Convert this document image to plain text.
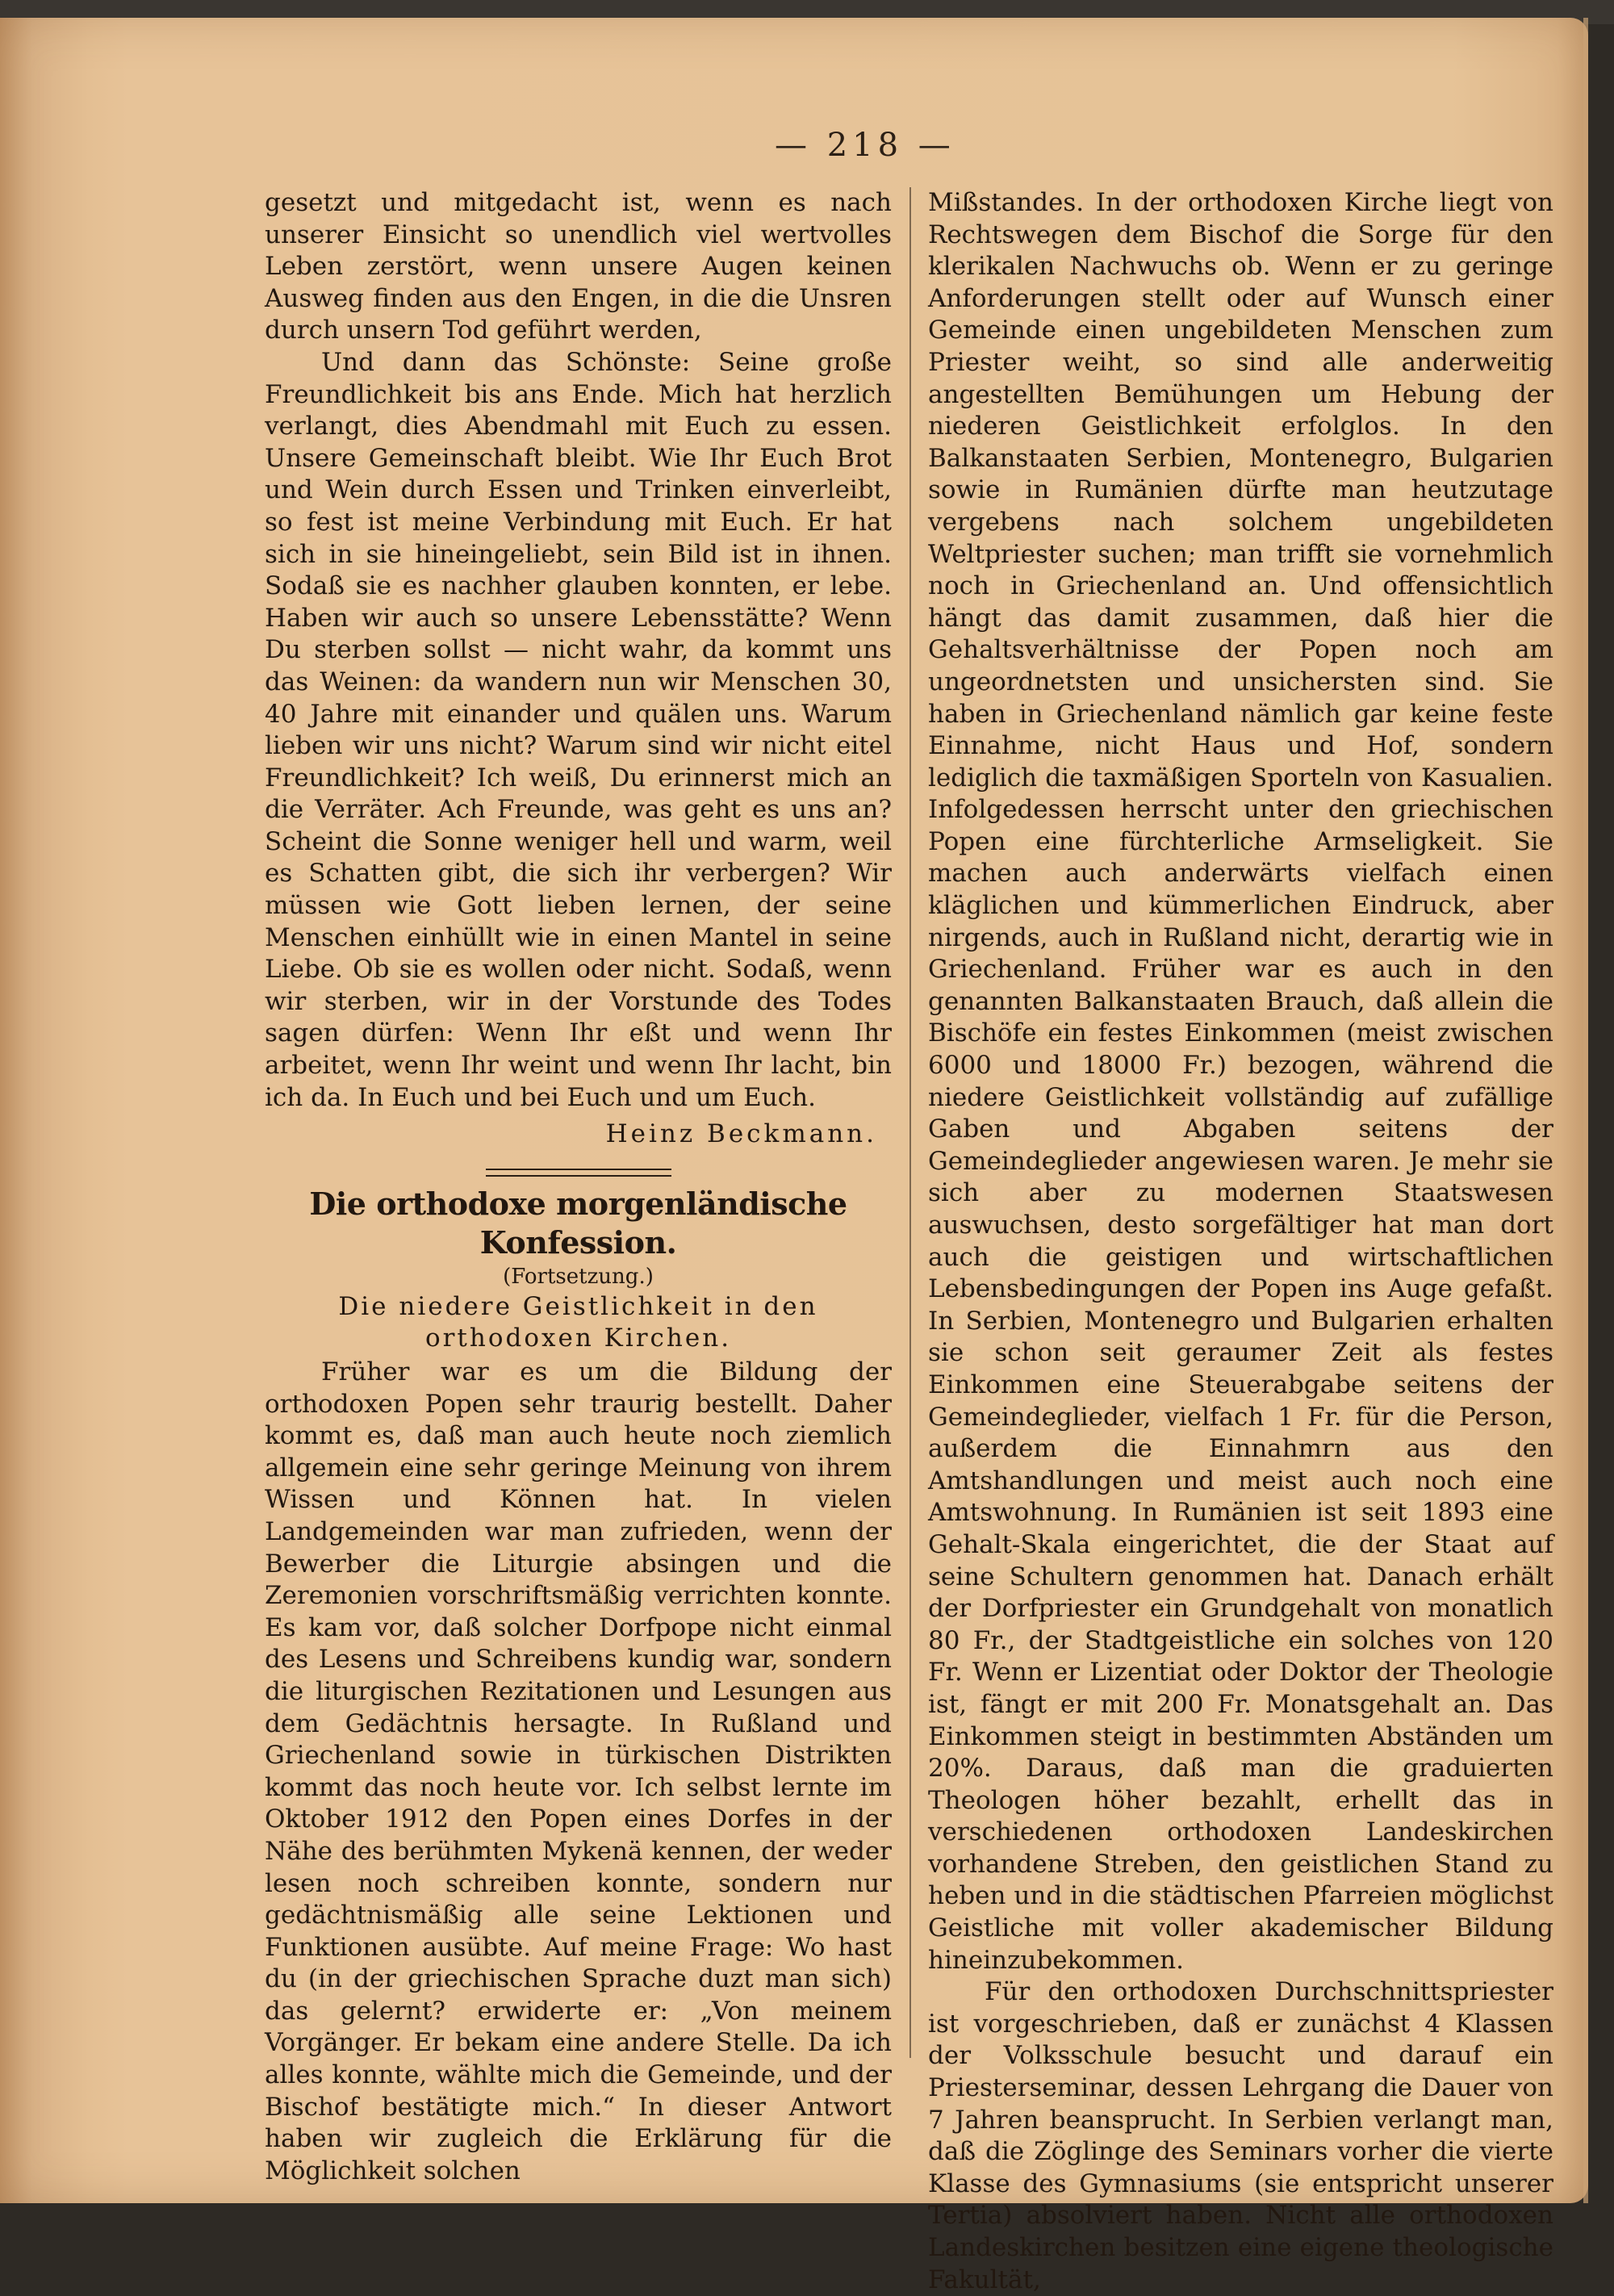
— 218 —

gesetzt und mitgedacht ist, wenn es nach unserer Einsicht so unendlich viel wertvolles Leben zerstört, wenn unsere Augen keinen Ausweg finden aus den Engen, in die die Unsren durch unsern Tod geführt werden,

Und dann das Schönste: Seine große Freundlichkeit bis ans Ende. Mich hat herzlich verlangt, dies Abendmahl mit Euch zu essen. Unsere Gemeinschaft bleibt. Wie Ihr Euch Brot und Wein durch Essen und Trinken einverleibt, so fest ist meine Verbindung mit Euch. Er hat sich in sie hineingeliebt, sein Bild ist in ihnen. Sodaß sie es nachher glauben konnten, er lebe. Haben wir auch so unsere Lebensstätte? Wenn Du sterben sollst — nicht wahr, da kommt uns das Weinen: da wandern nun wir Menschen 30, 40 Jahre mit einander und quälen uns. Warum lieben wir uns nicht? Warum sind wir nicht eitel Freundlichkeit? Ich weiß, Du erinnerst mich an die Verräter. Ach Freunde, was geht es uns an? Scheint die Sonne weniger hell und warm, weil es Schatten gibt, die sich ihr verbergen? Wir müssen wie Gott lieben lernen, der seine Menschen einhüllt wie in einen Mantel in seine Liebe. Ob sie es wollen oder nicht. Sodaß, wenn wir sterben, wir in der Vorstunde des Todes sagen dürfen: Wenn Ihr eßt und wenn Ihr arbeitet, wenn Ihr weint und wenn Ihr lacht, bin ich da. In Euch und bei Euch und um Euch.

Heinz Beckmann.

Die orthodoxe morgenländische Konfession.

(Fortsetzung.)

Die niedere Geistlichkeit in den orthodoxen Kirchen.

Früher war es um die Bildung der orthodoxen Popen sehr traurig bestellt. Daher kommt es, daß man auch heute noch ziemlich allgemein eine sehr geringe Meinung von ihrem Wissen und Können hat. In vielen Landgemeinden war man zufrieden, wenn der Bewerber die Liturgie absingen und die Zeremonien vorschriftsmäßig verrichten konnte. Es kam vor, daß solcher Dorfpope nicht einmal des Lesens und Schreibens kundig war, sondern die liturgischen Rezitationen und Lesungen aus dem Gedächtnis hersagte. In Rußland und Griechenland sowie in türkischen Distrikten kommt das noch heute vor. Ich selbst lernte im Oktober 1912 den Popen eines Dorfes in der Nähe des berühmten Mykenä kennen, der weder lesen noch schreiben konnte, sondern nur gedächtnismäßig alle seine Lektionen und Funktionen ausübte. Auf meine Frage: Wo hast du (in der griechischen Sprache duzt man sich) das gelernt? erwiderte er: „Von meinem Vorgänger. Er bekam eine andere Stelle. Da ich alles konnte, wählte mich die Gemeinde, und der Bischof bestätigte mich.“ In dieser Antwort haben wir zugleich die Erklärung für die Möglichkeit solchen

Mißstandes. In der orthodoxen Kirche liegt von Rechtswegen dem Bischof die Sorge für den klerikalen Nachwuchs ob. Wenn er zu geringe Anforderungen stellt oder auf Wunsch einer Gemeinde einen ungebildeten Menschen zum Priester weiht, so sind alle anderweitig angestellten Bemühungen um Hebung der niederen Geistlichkeit erfolglos. In den Balkanstaaten Serbien, Montenegro, Bulgarien sowie in Rumänien dürfte man heutzutage vergebens nach solchem ungebildeten Weltpriester suchen; man trifft sie vornehmlich noch in Griechenland an. Und offensichtlich hängt das damit zusammen, daß hier die Gehaltsverhältnisse der Popen noch am ungeordnetsten und unsichersten sind. Sie haben in Griechenland nämlich gar keine feste Einnahme, nicht Haus und Hof, sondern lediglich die taxmäßigen Sporteln von Kasualien. Infolgedessen herrscht unter den griechischen Popen eine fürchterliche Armseligkeit. Sie machen auch anderwärts vielfach einen kläglichen und kümmerlichen Eindruck, aber nirgends, auch in Rußland nicht, derartig wie in Griechenland. Früher war es auch in den genannten Balkanstaaten Brauch, daß allein die Bischöfe ein festes Einkommen (meist zwischen 6000 und 18000 Fr.) bezogen, während die niedere Geistlichkeit vollständig auf zufällige Gaben und Abgaben seitens der Gemeindeglieder angewiesen waren. Je mehr sie sich aber zu modernen Staatswesen auswuchsen, desto sorgefältiger hat man dort auch die geistigen und wirtschaftlichen Lebensbedingungen der Popen ins Auge gefaßt. In Serbien, Montenegro und Bulgarien erhalten sie schon seit geraumer Zeit als festes Einkommen eine Steuerabgabe seitens der Gemeindeglieder, vielfach 1 Fr. für die Person, außerdem die Einnahmrn aus den Amtshandlungen und meist auch noch eine Amtswohnung. In Rumänien ist seit 1893 eine Gehalt-Skala eingerichtet, die der Staat auf seine Schultern genommen hat. Danach erhält der Dorfpriester ein Grundgehalt von monatlich 80 Fr., der Stadtgeistliche ein solches von 120 Fr. Wenn er Lizentiat oder Doktor der Theologie ist, fängt er mit 200 Fr. Monatsgehalt an. Das Einkommen steigt in bestimmten Abständen um 20%. Daraus, daß man die graduierten Theologen höher bezahlt, erhellt das in verschiedenen orthodoxen Landeskirchen vorhandene Streben, den geistlichen Stand zu heben und in die städtischen Pfarreien möglichst Geistliche mit voller akademischer Bildung hineinzubekommen.

Für den orthodoxen Durchschnittspriester ist vorgeschrieben, daß er zunächst 4 Klassen der Volksschule besucht und darauf ein Priesterseminar, dessen Lehrgang die Dauer von 7 Jahren beansprucht. In Serbien verlangt man, daß die Zöglinge des Seminars vorher die vierte Klasse des Gymnasiums (sie entspricht unserer Tertia) absolviert haben. Nicht alle orthodoxen Landeskirchen besitzen eine eigene theologische Fakultät,
